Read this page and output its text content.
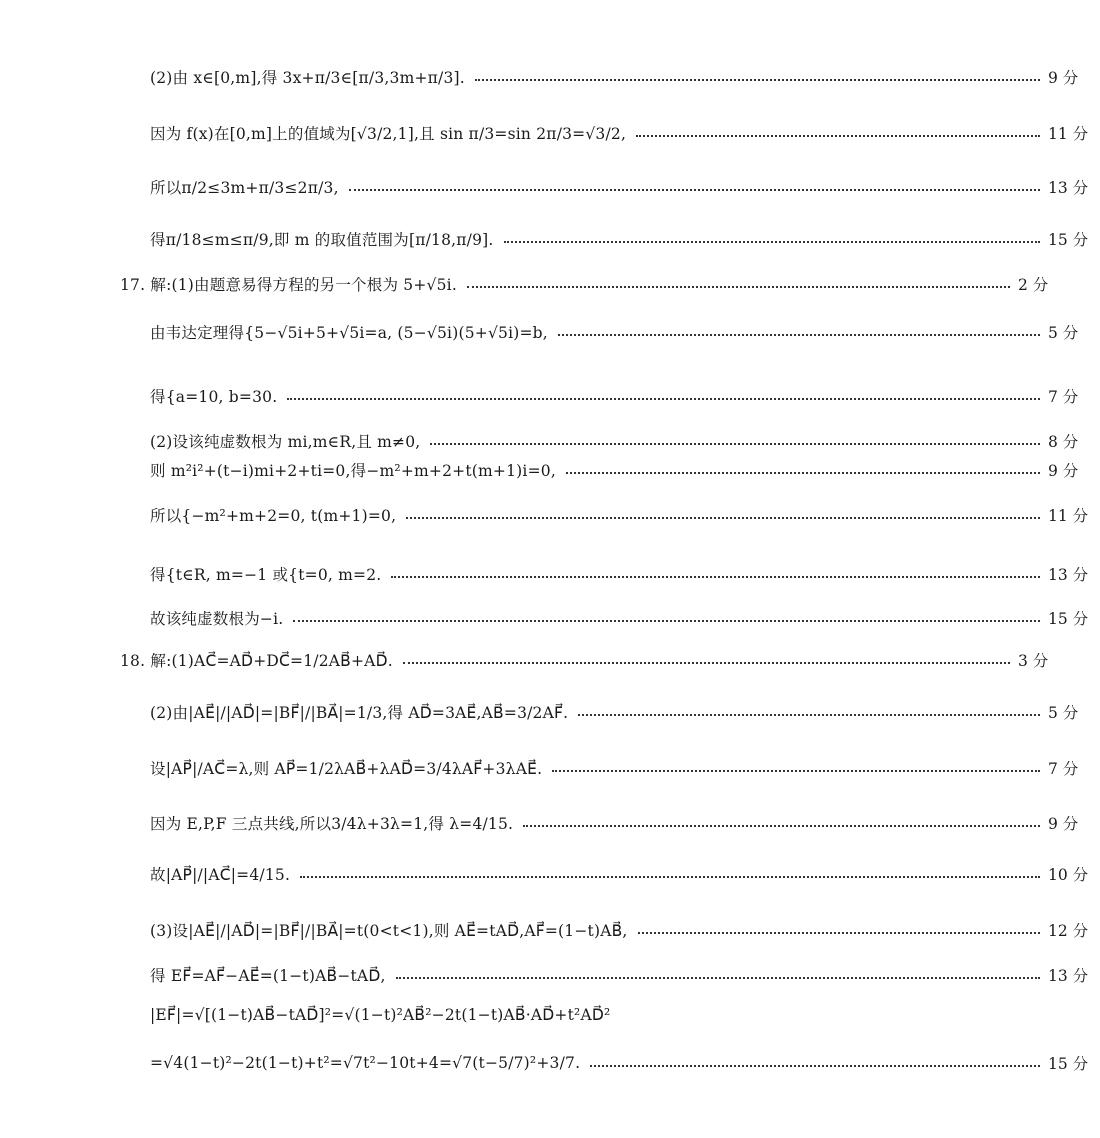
(2)由 x∈[0,m],得 3x+π/3∈[π/3,3m+π/3].	9 分
因为 f(x)在[0,m]上的值域为[√3/2,1],且 sin π/3=sin 2π/3=√3/2,	11 分
所以π/2≤3m+π/3≤2π/3,	13 分
得π/18≤m≤π/9,即 m 的取值范围为[π/18,π/9].	15 分
17. 解:(1)由题意易得方程的另一个根为 5+√5i.	2 分
由韦达定理得{5−√5i+5+√5i=a, (5−√5i)(5+√5i)=b,	5 分
得{a=10, b=30.	7 分
(2)设该纯虚数根为 mi,m∈R,且 m≠0,	8 分
则 m²i²+(t−i)mi+2+ti=0,得−m²+m+2+t(m+1)i=0,	9 分
所以{−m²+m+2=0, t(m+1)=0,	11 分
得{t∈R, m=−1 或{t=0, m=2.	13 分
故该纯虚数根为−i.	15 分
18. 解:(1)AC⃗=AD⃗+DC⃗=1/2AB⃗+AD⃗.	3 分
(2)由|AE⃗|/|AD⃗|=|BF⃗|/|BA⃗|=1/3,得 AD⃗=3AE⃗,AB⃗=3/2AF⃗.	5 分
设|AP⃗|/AC⃗=λ,则 AP⃗=1/2λAB⃗+λAD⃗=3/4λAF⃗+3λAE⃗.	7 分
因为 E,P,F 三点共线,所以3/4λ+3λ=1,得 λ=4/15.	9 分
故|AP⃗|/|AC⃗|=4/15.	10 分
(3)设|AE⃗|/|AD⃗|=|BF⃗|/|BA⃗|=t(0<t<1),则 AE⃗=tAD⃗,AF⃗=(1−t)AB⃗,	12 分
得 EF⃗=AF⃗−AE⃗=(1−t)AB⃗−tAD⃗,	13 分
|EF⃗|=√[(1−t)AB⃗−tAD⃗]²=√(1−t)²AB⃗²−2t(1−t)AB⃗·AD⃗+t²AD⃗²
=√4(1−t)²−2t(1−t)+t²=√7t²−10t+4=√7(t−5/7)²+3/7.	15 分
